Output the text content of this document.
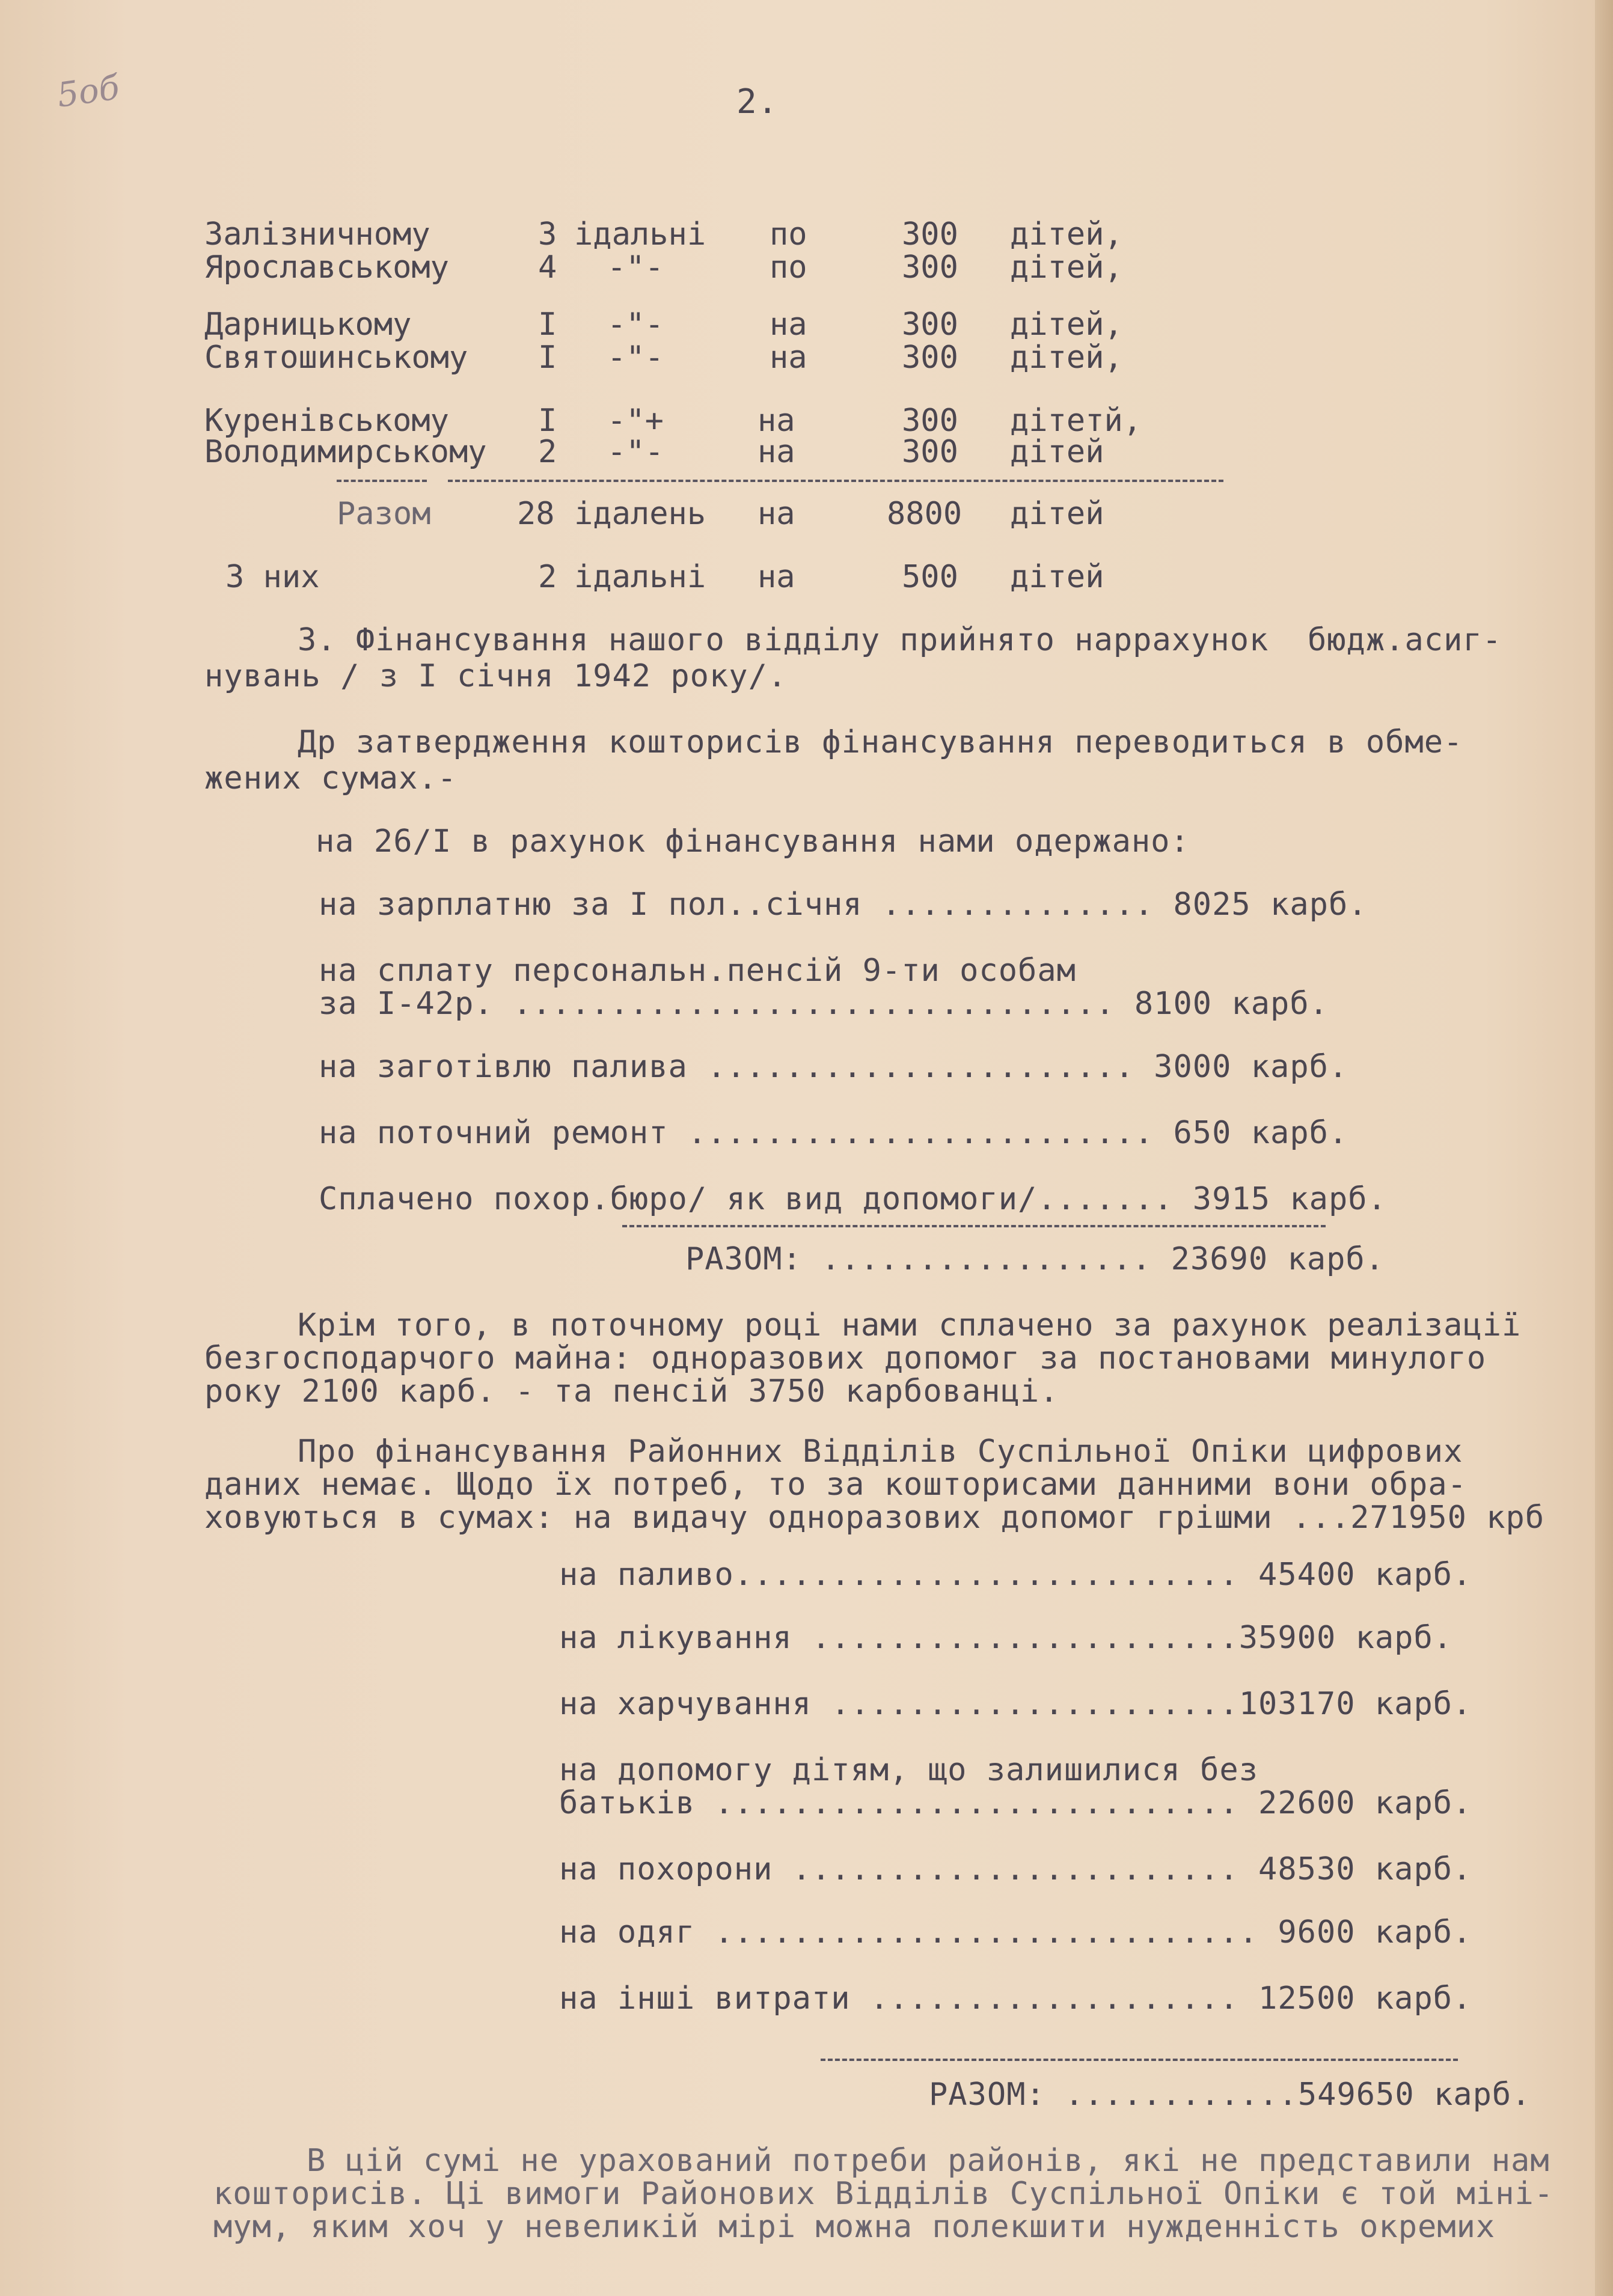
5об	2.
Залізничному	3 ідальні по	300 дітей,
Ярославському	4 -"-	по	300 дітей,
Дарницькому	I -"-	на	300 дітей,
Святошинському I -"-	на	300 дітей,
Куренівському	I -"+	на	300 дітетй,
Володимирському 2 -"-	на	300 дітей
Разом	28 ідалень на	8800 дітей
З них	2 ідальні на	500 дітей
3. Фінансування нашого відділу прийнято наррахунок  бюдж.асиг-
нувань / з I січня 1942 року/.
Др затвердження кошторисів фінансування переводиться в обме-
жених сумах.-
на 26/I в рахунок фінансування нами одержано:
на зарплатню за I пол..січня .............. 8025 карб.
на сплату персональн.пенсій 9-ти особам
за I-42р. ............................... 8100 карб.
на заготівлю палива ...................... 3000 карб.
на поточний ремонт ........................ 650 карб.
Сплачено похор.бюро/ як вид допомоги/....... 3915 карб.
РАЗОМ: ................. 23690 карб.
Крім того, в поточному році нами сплачено за рахунок реалізації
безгосподарчого майна: одноразових допомог за постановами минулого
року 2100 карб. - та пенсій 3750 карбованці.
Про фінансування Районних Відділів Суспільної Опіки цифрових
даних немає. Щодо їх потреб, то за кошторисами данними вони обра-
ховуються в сумах: на видачу одноразових допомог грішми ...271950 крб
на паливо.......................... 45400 карб.
на лікування ......................35900 карб.
на харчування .....................103170 карб.
на допомогу дітям, що залишилися без
батьків ........................... 22600 карб.
на похорони ....................... 48530 карб.
на одяг ............................ 9600 карб.
на інші витрати ................... 12500 карб.
РАЗОМ: ............549650 карб.
В цій сумі не урахований потреби районів, які не представили нам
кошторисів. Ці вимоги Районових Відділів Суспільної Опіки є той міні-
мум, яким хоч у невеликій мірі можна полекшити нужденність окремих
